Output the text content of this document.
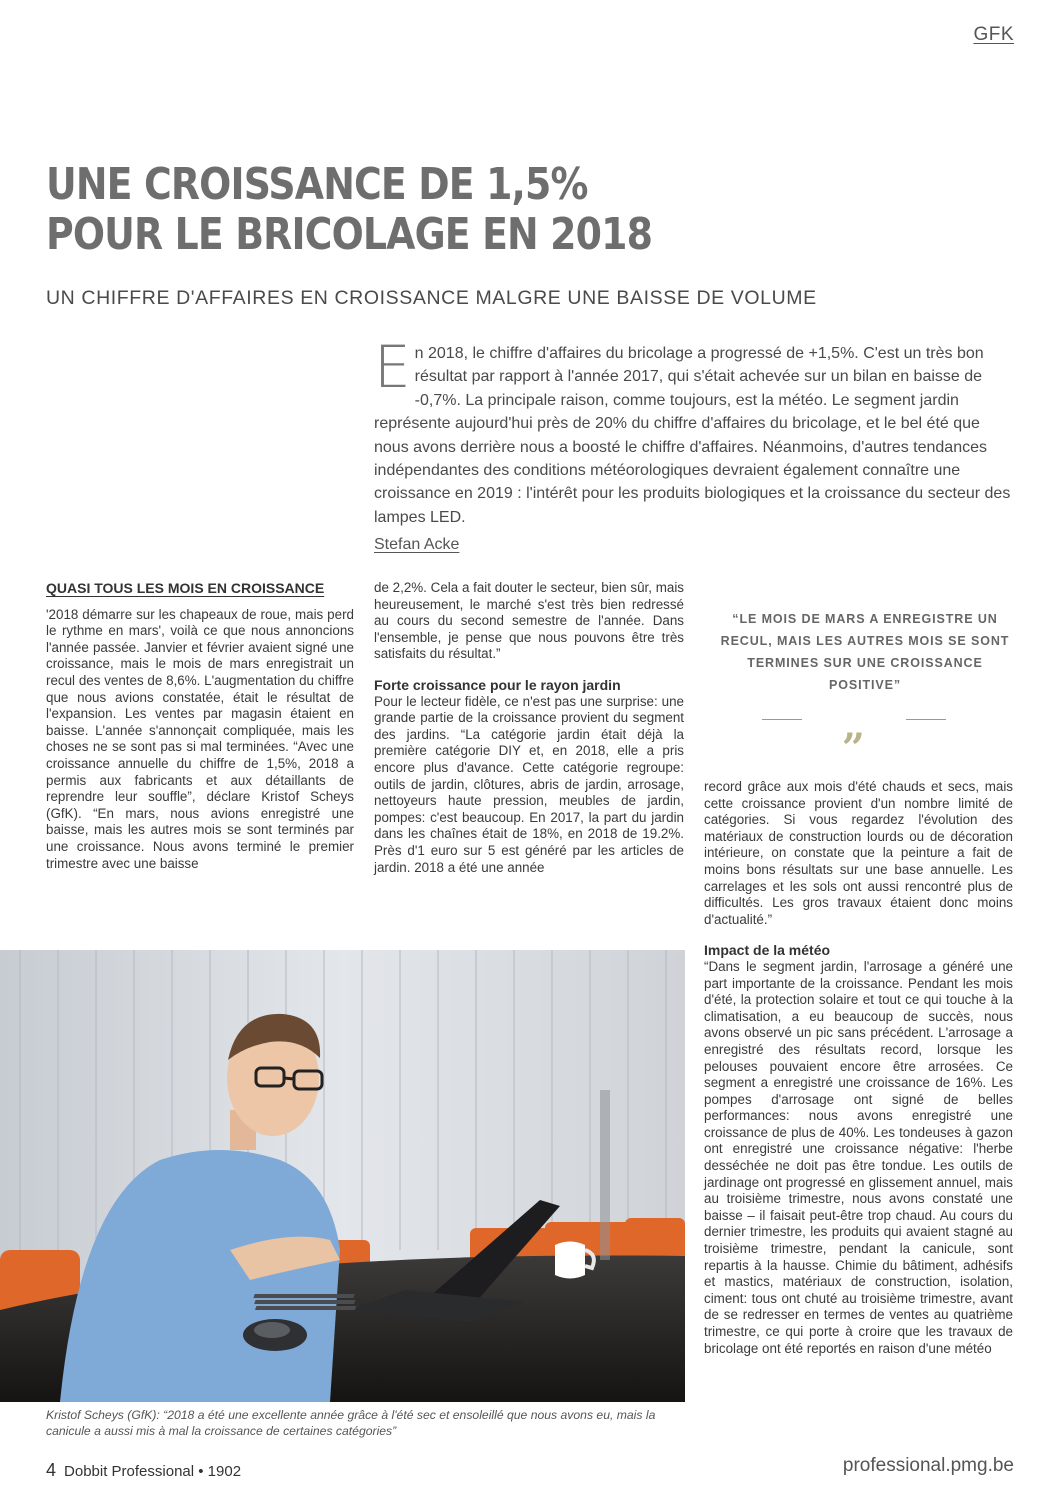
GFK
UNE CROISSANCE DE 1,5%
POUR LE BRICOLAGE EN 2018
UN CHIFFRE D'AFFAIRES EN CROISSANCE MALGRE UNE BAISSE DE VOLUME
En 2018, le chiffre d'affaires du bricolage a progressé de +1,5%. C'est un très bon résultat par rapport à l'année 2017, qui s'était achevée sur un bilan en baisse de -0,7%. La principale raison, comme toujours, est la météo. Le segment jardin représente aujourd'hui près de 20% du chiffre d'affaires du bricolage, et le bel été que nous avons derrière nous a boosté le chiffre d'affaires. Néanmoins, d'autres tendances indépendantes des conditions météorologiques devraient également connaître une croissance en 2019 : l'intérêt pour les produits biologiques et la croissance du secteur des lampes LED.
Stefan Acke
QUASI TOUS LES MOIS EN CROISSANCE

'2018 démarre sur les chapeaux de roue, mais perd le rythme en mars', voilà ce que nous annoncions l'année passée. Janvier et février avaient signé une croissance, mais le mois de mars enregistrait un recul des ventes de 8,6%. L'augmentation du chiffre que nous avions constatée, était le résultat de l'expansion. Les ventes par magasin étaient en baisse. L'année s'annonçait compliquée, mais les choses ne se sont pas si mal terminées. “Avec une croissance annuelle du chiffre de 1,5%, 2018 a permis aux fabricants et aux détaillants de reprendre leur souffle”, déclare Kristof Scheys (GfK). “En mars, nous avions enregistré une baisse, mais les autres mois se sont terminés par une croissance. Nous avons terminé le premier trimestre avec une baisse

de 2,2%. Cela a fait douter le secteur, bien sûr, mais heureusement, le marché s'est très bien redressé au cours du second semestre de l'année. Dans l'ensemble, je pense que nous pouvons être très satisfaits du résultat.”

Forte croissance pour le rayon jardin

Pour le lecteur fidèle, ce n'est pas une surprise: une grande partie de la croissance provient du segment des jardins. “La catégorie jardin était déjà la première catégorie DIY et, en 2018, elle a pris encore plus d'avance. Cette catégorie regroupe: outils de jardin, clôtures, abris de jardin, arrosage, nettoyeurs haute pression, meubles de jardin, pompes: c'est beaucoup. En 2017, la part du jardin dans les chaînes était de 18%, en 2018 de 19.2%. Près d'1 euro sur 5 est généré par les articles de jardin. 2018 a été une année

“LE MOIS DE MARS A ENREGISTRE UN RECUL, MAIS LES AUTRES MOIS SE SONT TERMINES SUR UNE CROISSANCE POSITIVE”
„

record grâce aux mois d'été chauds et secs, mais cette croissance provient d'un nombre limité de catégories. Si vous regardez l'évolution des matériaux de construction lourds ou de décoration intérieure, on constate que la peinture a fait de moins bons résultats sur une base annuelle. Les carrelages et les sols ont aussi rencontré plus de difficultés. Les gros travaux étaient donc moins d'actualité.”

Impact de la météo

“Dans le segment jardin, l'arrosage a généré une part importante de la croissance. Pendant les mois d'été, la protection solaire et tout ce qui touche à la climatisation, a eu beaucoup de succès, nous avons observé un pic sans précédent. L'arrosage a enregistré des résultats record, lorsque les pelouses pouvaient encore être arrosées. Ce segment a enregistré une croissance de 16%. Les pompes d'arrosage ont signé de belles performances: nous avons enregistré une croissance de plus de 40%. Les tondeuses à gazon ont enregistré une croissance négative: l'herbe desséchée ne doit pas être tondue. Les outils de jardinage ont progressé en glissement annuel, mais au troisième trimestre, nous avons constaté une baisse – il faisait peut-être trop chaud. Au cours du dernier trimestre, les produits qui avaient stagné au troisième trimestre, pendant la canicule, sont repartis à la hausse. Chimie du bâtiment, adhésifs et mastics, matériaux de construction, isolation, ciment: tous ont chuté au troisième trimestre, avant de se redresser en termes de ventes au quatrième trimestre, ce qui porte à croire que les travaux de bricolage ont été reportés en raison d'une météo

Kristof Scheys (GfK): “2018 a été une excellente année grâce à l'été sec et ensoleillé que nous avons eu, mais la canicule a aussi mis à mal la croissance de certaines catégories”
4 Dobbit Professional • 1902	professional.pmg.be
